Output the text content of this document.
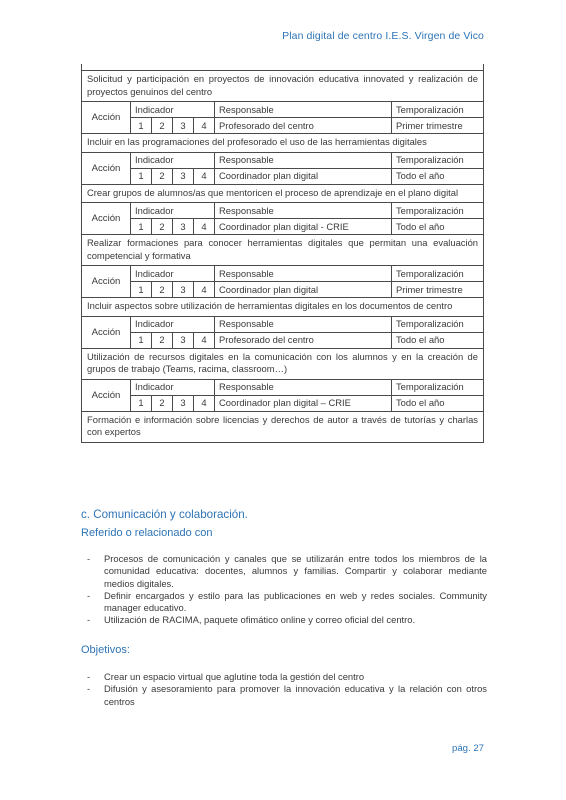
Plan digital de centro I.E.S. Virgen de Vico
Solicitud y participación en proyectos de innovación educativa innovated y realización de proyectos genuinos del centro
Acción
Indicador				Responsable	Temporalización
1	2	3	4	Profesorado del centro	Primer trimestre
Incluir en las programaciones del profesorado el uso de las herramientas digitales
Acción
Indicador				Responsable	Temporalización
1	2	3	4	Coordinador plan digital	Todo el año
Crear grupos de alumnos/as que mentoricen el proceso de aprendizaje en el plano digital
Acción
Indicador				Responsable	Temporalización
1	2	3	4	Coordinador plan digital - CRIE	Todo el año
Realizar formaciones para conocer herramientas digitales que permitan una evaluación competencial y formativa
Acción
Indicador				Responsable	Temporalización
1	2	3	4	Coordinador plan digital	Primer trimestre
Incluir aspectos sobre utilización de herramientas digitales en los documentos de centro
Acción
Indicador				Responsable	Temporalización
1	2	3	4	Profesorado del centro	Todo el año
Utilización de recursos digitales en la comunicación con los alumnos y en la creación de grupos de trabajo (Teams, racima, classroom…)
Acción
Indicador				Responsable	Temporalización
1	2	3	4	Coordinador plan digital – CRIE	Todo el año
Formación e información sobre licencias y derechos de autor a través de tutorías y charlas con expertos
c. Comunicación y colaboración.
Referido o relacionado con
- Procesos de comunicación y canales que se utilizarán entre todos los miembros de la comunidad educativa: docentes, alumnos y familias. Compartir y colaborar mediante medios digitales.
- Definir encargados y estilo para las publicaciones en web y redes sociales. Community manager educativo.
- Utilización de RACIMA, paquete ofimático online y correo oficial del centro.
Objetivos:
- Crear un espacio virtual que aglutine toda la gestión del centro
- Difusión y asesoramiento para promover la innovación educativa y la relación con otros centros
pág. 27
